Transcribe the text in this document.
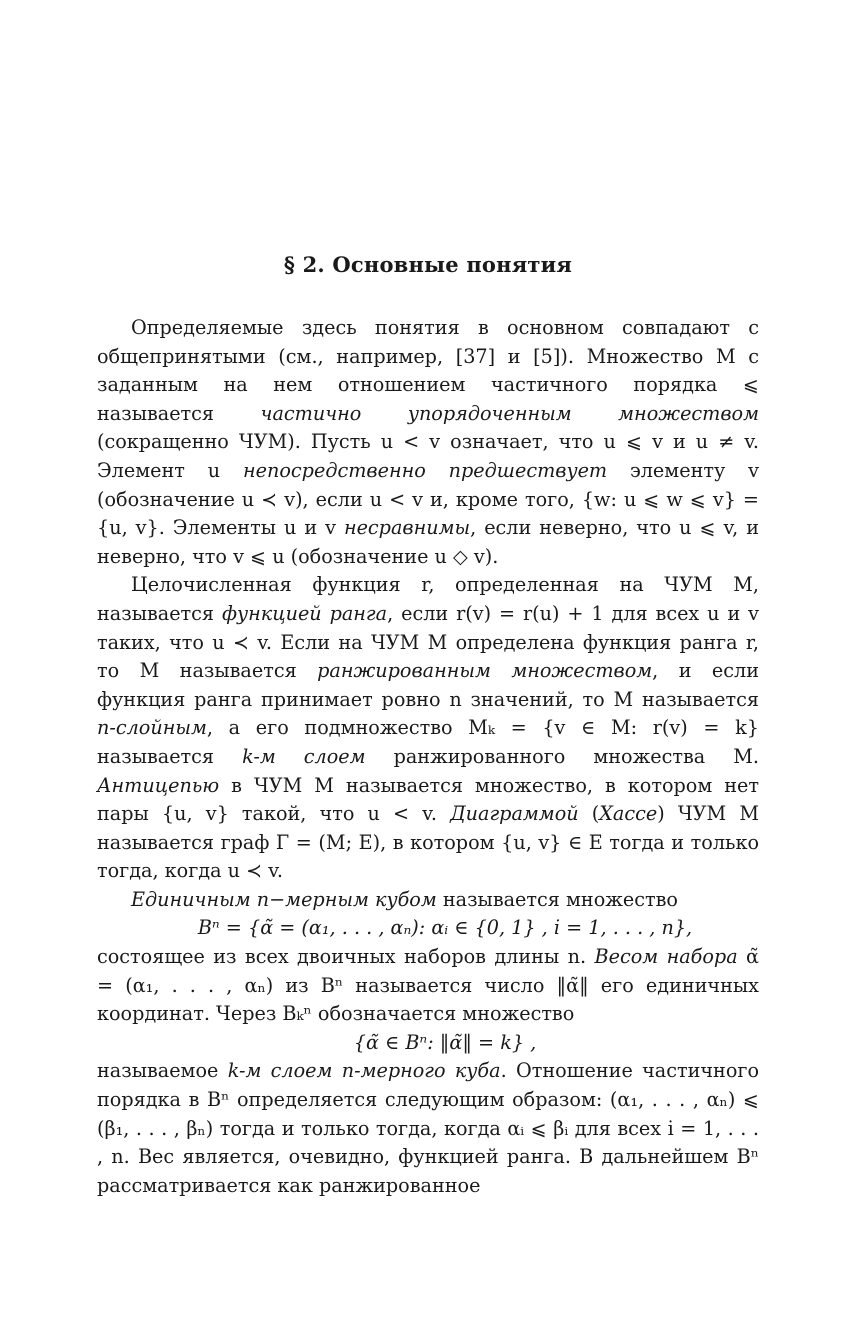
§ 2. Основные понятия

Определяемые здесь понятия в основном совпадают с общепринятыми (см., например, [37] и [5]). Множество M с заданным на нем отношением частичного порядка ⩽ называется частично упорядоченным множеством (сокращенно ЧУМ). Пусть u < v означает, что u ⩽ v и u ≠ v. Элемент u непосредственно предшествует элементу v (обозначение u ≺ v), если u < v и, кроме того, {w: u ⩽ w ⩽ v} = {u, v}. Элементы u и v несравнимы, если неверно, что u ⩽ v, и неверно, что v ⩽ u (обозначение u ◇ v).

Целочисленная функция r, определенная на ЧУМ M, называется функцией ранга, если r(v) = r(u) + 1 для всех u и v таких, что u ≺ v. Если на ЧУМ M определена функция ранга r, то M называется ранжированным множеством, и если функция ранга принимает ровно n значений, то M называется n-слойным, а его подмножество Mₖ = {v ∈ M: r(v) = k} называется k-м слоем ранжированного множества M. Антицепью в ЧУМ M называется множество, в котором нет пары {u, v} такой, что u < v. Диаграммой (Хассе) ЧУМ M называется граф Γ = (M; E), в котором {u, v} ∈ E тогда и только тогда, когда u ≺ v.

Единичным n−мерным кубом называется множество

Bⁿ = {α̃ = (α₁, . . . , αₙ): αᵢ ∈ {0, 1} , i = 1, . . . , n},

состоящее из всех двоичных наборов длины n. Весом набора α̃ = (α₁, . . . , αₙ) из Bⁿ называется число ‖α̃‖ его единичных координат. Через Bₖⁿ обозначается множество

{α̃ ∈ Bⁿ: ‖α̃‖ = k} ,

называемое k-м слоем n-мерного куба. Отношение частичного порядка в Bⁿ определяется следующим образом: (α₁, . . . , αₙ) ⩽ (β₁, . . . , βₙ) тогда и только тогда, когда αᵢ ⩽ βᵢ для всех i = 1, . . . , n. Вес является, очевидно, функцией ранга. В дальнейшем Bⁿ рассматривается как ранжированное
